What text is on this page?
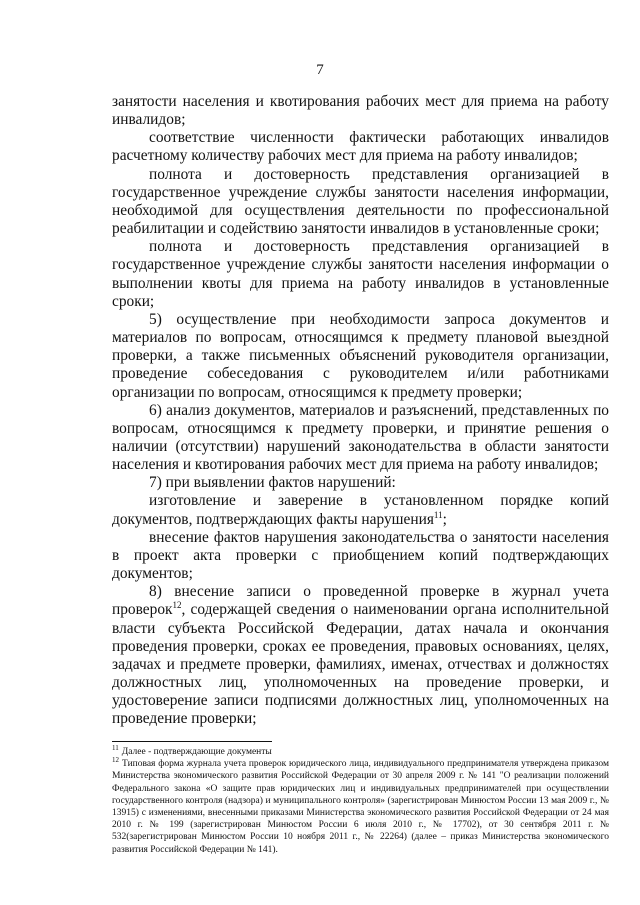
7

занятости населения и квотирования рабочих мест для приема на работу инвалидов;

соответствие численности фактически работающих инвалидов расчетному количеству рабочих мест для приема на работу инвалидов;

полнота и достоверность представления организацией в государственное учреждение службы занятости населения информации, необходимой для осуществления деятельности по профессиональной реабилитации и содействию занятости инвалидов в установленные сроки;

полнота и достоверность представления организацией в государственное учреждение службы занятости населения информации о выполнении квоты для приема на работу инвалидов в установленные сроки;

5) осуществление при необходимости запроса документов и материалов по вопросам, относящимся к предмету плановой выездной проверки, а также письменных объяснений руководителя организации, проведение собеседования с руководителем и/или работниками организации по вопросам, относящимся к предмету проверки;

6) анализ документов, материалов и разъяснений, представленных по вопросам, относящимся к предмету проверки, и принятие решения о наличии (отсутствии) нарушений законодательства в области занятости населения и квотирования рабочих мест для приема на работу инвалидов;

7) при выявлении фактов нарушений:

изготовление и заверение в установленном порядке копий документов, подтверждающих факты нарушения$^{11}$;

внесение фактов нарушения законодательства о занятости населения в проект акта проверки с приобщением копий подтверждающих документов;

8) внесение записи о проведенной проверке в журнал учета проверок$^{12}$, содержащей сведения о наименовании органа исполнительной власти субъекта Российской Федерации, датах начала и окончания проведения проверки, сроках ее проведения, правовых основаниях, целях, задачах и предмете проверки, фамилиях, именах, отчествах и должностях должностных лиц, уполномоченных на проведение проверки, и удостоверение записи подписями должностных лиц, уполномоченных на проведение проверки;

$^{11}$ Далее - подтверждающие документы

$^{12}$ Типовая форма журнала учета проверок юридического лица, индивидуального предпринимателя утверждена приказом Министерства экономического развития Российской Федерации от 30 апреля 2009 г. № 141 "О реализации положений Федерального закона «О защите прав юридических лиц и индивидуальных предпринимателей при осуществлении государственного контроля (надзора) и муниципального контроля» (зарегистрирован Минюстом России 13 мая 2009 г., № 13915) с изменениями, внесенными приказами Министерства экономического развития Российской Федерации от 24 мая 2010 г. № 199 (зарегистрирован Минюстом России 6 июля 2010 г., № 17702), от 30 сентября 2011 г. № 532(зарегистрирован Минюстом России 10 ноября 2011 г., № 22264) (далее – приказ Министерства экономического развития Российской Федерации № 141).
